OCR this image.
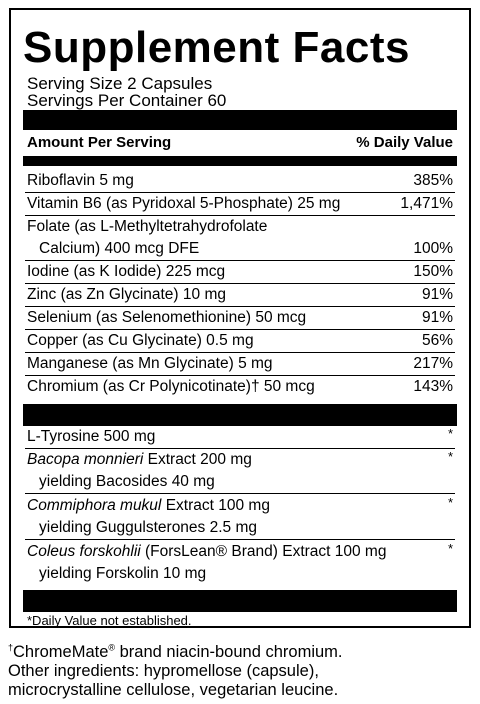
Supplement Facts
Serving Size 2 Capsules
Servings Per Container 60
Amount Per Serving	% Daily Value
Riboflavin 5 mg	385%
Vitamin B6 (as Pyridoxal 5-Phosphate) 25 mg	1,471%
Folate (as L-Methyltetrahydrofolate
Calcium) 400 mcg DFE	100%
Iodine (as K Iodide) 225 mcg	150%
Zinc (as Zn Glycinate) 10 mg	91%
Selenium (as Selenomethionine) 50 mcg	91%
Copper (as Cu Glycinate) 0.5 mg	56%
Manganese (as Mn Glycinate) 5 mg	217%
Chromium (as Cr Polynicotinate)† 50 mcg	143%
L-Tyrosine 500 mg	*
Bacopa monnieri Extract 200 mg	*
yielding Bacosides 40 mg
Commiphora mukul Extract 100 mg	*
yielding Guggulsterones 2.5 mg
Coleus forskohlii (ForsLean® Brand) Extract 100 mg	*
yielding Forskolin 10 mg
*Daily Value not established.
†ChromeMate® brand niacin-bound chromium.
Other ingredients: hypromellose (capsule),
microcrystalline cellulose, vegetarian leucine.
